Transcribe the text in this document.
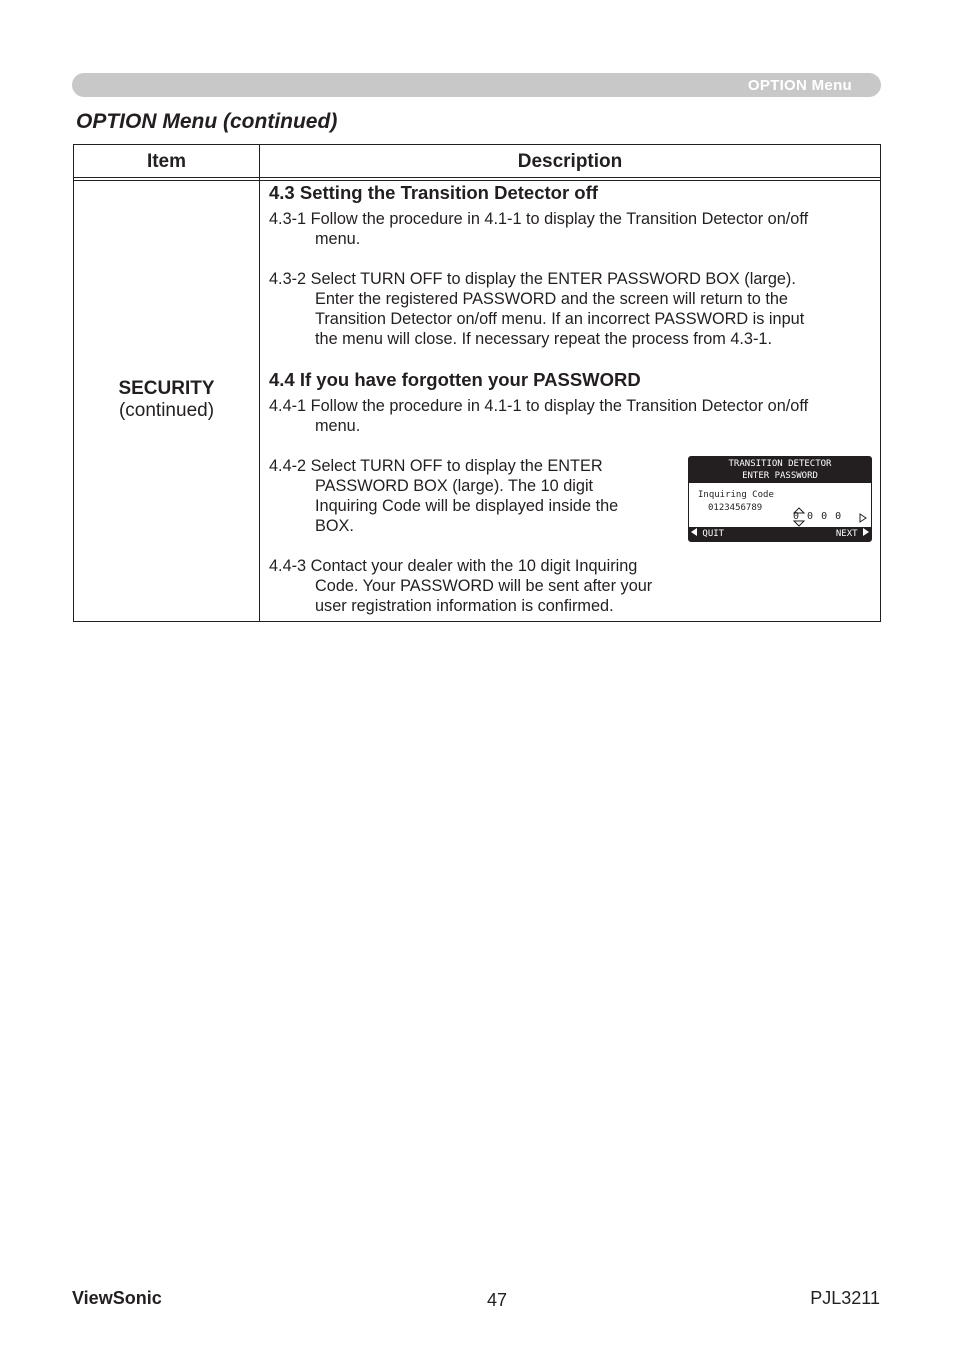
OPTION Menu
OPTION Menu (continued)
Item	Description
SECURITY
(continued)
4.3 Setting the Transition Detector off
4.3-1 Follow the procedure in 4.1-1 to display the Transition Detector on/off
menu.
4.3-2 Select TURN OFF to display the ENTER PASSWORD BOX (large).
Enter the registered PASSWORD and the screen will return to the
Transition Detector on/off menu. If an incorrect PASSWORD is input
the menu will close. If necessary repeat the process from 4.3-1.
4.4 If you have forgotten your PASSWORD
4.4-1 Follow the procedure in 4.1-1 to display the Transition Detector on/off
menu.
4.4-2 Select TURN OFF to display the ENTER
PASSWORD BOX (large). The 10 digit
Inquiring Code will be displayed inside the
BOX.
4.4-3 Contact your dealer with the 10 digit Inquiring
Code. Your PASSWORD will be sent after your
user registration information is confirmed.
TRANSITION DETECTOR
ENTER PASSWORD
Inquiring Code
0123456789
0 0 0 0
QUIT	NEXT
ViewSonic	47	PJL3211
